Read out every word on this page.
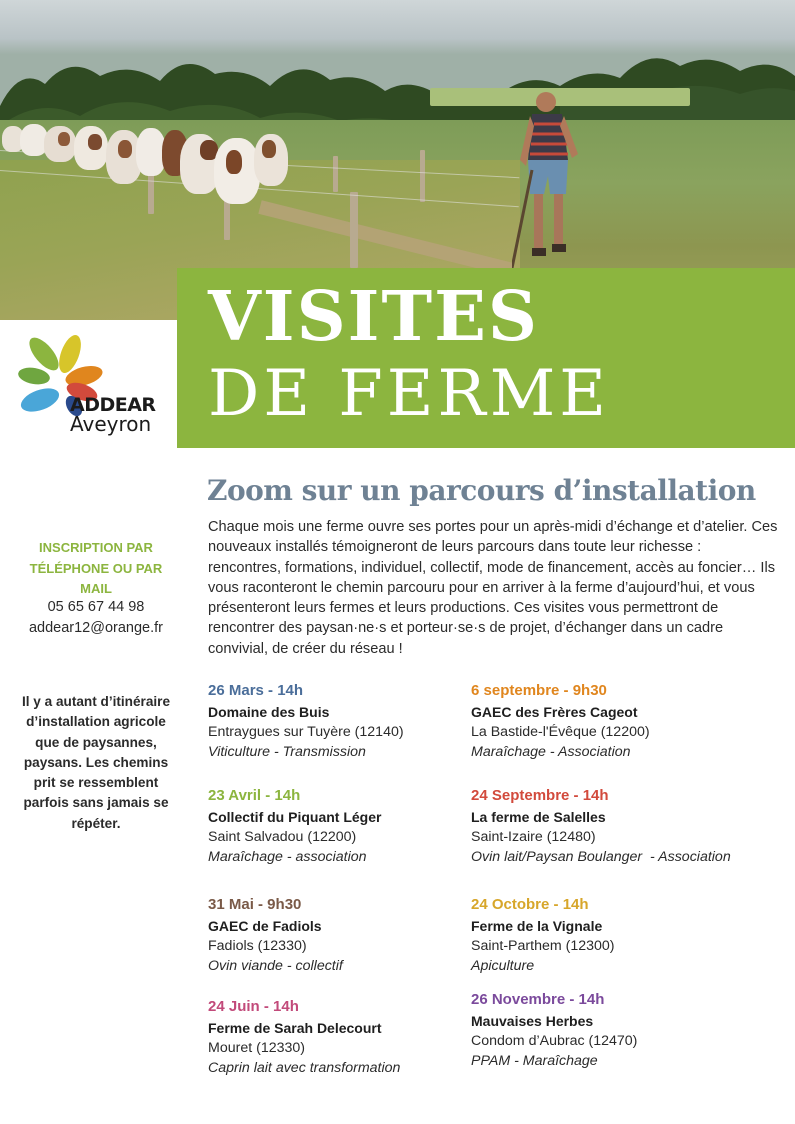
VISITES
DE FERME
ADDEAR
Aveyron
Zoom sur un parcours d’installation
Chaque mois une ferme ouvre ses portes pour un après-midi d’échange et d’atelier. Ces nouveaux installés témoigneront de leurs parcours dans toute leur richesse : rencontres, formations, individuel, collectif, mode de financement, accès au foncier… Ils vous raconteront le chemin parcouru pour en arriver à la ferme d’aujourd’hui, et vous présenteront leurs fermes et leurs productions. Ces visites vous permettront de rencontrer des paysan·ne·s et porteur·se·s de projet, d’échanger dans un cadre convivial, de créer du réseau !
INSCRIPTION PAR TÉLÉPHONE OU PAR MAIL
05 65 67 44 98
addear12@orange.fr
Il y a autant d’itinéraire d’installation agricole que de paysannes, paysans. Les chemins prit se ressemblent parfois sans jamais se répéter.
26 Mars - 14h
Domaine des Buis
Entraygues sur Tuyère (12140)
Viticulture - Transmission
6 septembre - 9h30
GAEC des Frères Cageot
La Bastide-l'Évêque (12200)
Maraîchage - Association
23 Avril - 14h
Collectif du Piquant Léger
Saint Salvadou (12200)
Maraîchage - association
24 Septembre - 14h
La ferme de Salelles
Saint-Izaire (12480)
Ovin lait/Paysan Boulanger  - Association
31 Mai - 9h30
GAEC de Fadiols
Fadiols (12330)
Ovin viande - collectif
24 Octobre - 14h
Ferme de la Vignale
Saint-Parthem (12300)
Apiculture
24 Juin - 14h
Ferme de Sarah Delecourt
Mouret (12330)
Caprin lait avec transformation
26 Novembre - 14h
Mauvaises Herbes
Condom d’Aubrac (12470)
PPAM - Maraîchage
